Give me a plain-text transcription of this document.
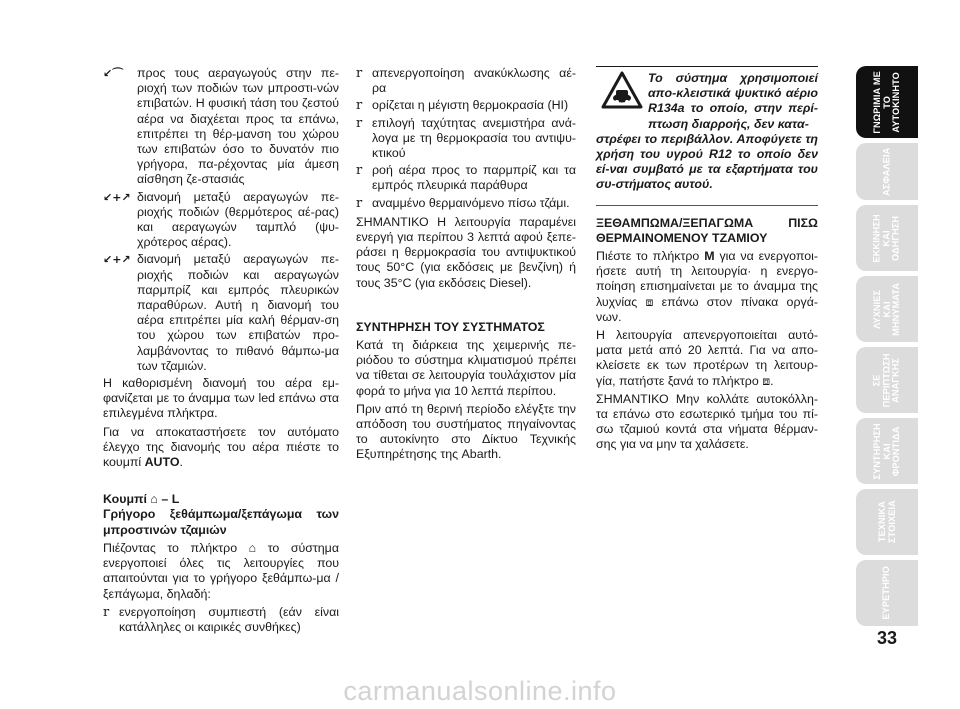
↙⌒	προς τους αεραγωγούς στην πε-ριοχή των ποδιών των μπροστι-νών επιβατών. Η φυσική τάση του ζεστού αέρα να διαχέεται προς τα επάνω, επιτρέπει τη θέρ-μανση του χώρου των επιβατών όσο το δυνατόν πιο γρήγορα, πα-ρέχοντας μία άμεση αίσθηση ζε-στασιάς

↙+↗ διανομή μεταξύ αεραγωγών πε-ριοχής ποδιών (θερμότερος αέ-ρας) και αεραγωγών ταμπλό (ψυ-χρότερος αέρας).

↙+↗ διανομή μεταξύ αεραγωγών πε-ριοχής ποδιών και αεραγωγών παρμπρίζ και εμπρός πλευρικών παραθύρων. Αυτή η διανομή του αέρα επιτρέπει μία καλή θέρμαν-ση του χώρου των επιβατών προ-λαμβάνοντας το πιθανό θάμπω-μα των τζαμιών.

Η καθορισμένη διανομή του αέρα εμ-φανίζεται με το άναμμα των led επάνω στα επιλεγμένα πλήκτρα.

Για να αποκαταστήσετε τον αυτόματο έλεγχο της διανομής του αέρα πιέστε το κουμπί AUTO.

Κουμπί ⌂ – L

Γρήγορο ξεθάμπωμα/ξεπάγωμα των μπροστινών τζαμιών

Πιέζοντας το πλήκτρο ⌂ το σύστημα ενεργοποιεί όλες τις λειτουργίες που απαιτούνται για το γρήγορο ξεθάμπω-μα / ξεπάγωμα, δηλαδή:

r ενεργοποίηση συμπιεστή (εάν είναι κατάλληλες οι καιρικές συνθήκες)

r απενεργοποίηση ανακύκλωσης αέ-ρα

r ορίζεται η μέγιστη θερμοκρασία (HI)

r επιλογή ταχύτητας ανεμιστήρα ανά-λογα με τη θερμοκρασία του αντιψυ-κτικού

r ροή αέρα προς το παρμπρίζ και τα εμπρός πλευρικά παράθυρα

r αναμμένο θερμαινόμενο πίσω τζάμι.

ΣΗΜΑΝΤΙΚΟ Η λειτουργία παραμένει ενεργή για περίπου 3 λεπτά αφού ξεπε-ράσει η θερμοκρασία του αντιψυκτικού τους 50°C (για εκδόσεις με βενζίνη) ή τους 35°C (για εκδόσεις Diesel).

ΣΥΝΤΗΡΗΣΗ ΤΟΥ ΣΥΣΤΗΜΑΤΟΣ

Κατά τη διάρκεια της χειμερινής πε-ριόδου το σύστημα κλιματισμού πρέπει να τίθεται σε λειτουργία τουλάχιστον μία φορά το μήνα για 10 λεπτά περίπου.

Πριν από τη θερινή περίοδο ελέγξτε την απόδοση του συστήματος πηγαίνοντας το αυτοκίνητο στο Δίκτυο Τεχνικής Εξυπηρέτησης της Abarth.

Το σύστημα χρησιμοποιεί απο-κλειστικά ψυκτικό αέριο R134a το οποίο, στην περί-πτωση διαρροής, δεν κατα-

στρέφει το περιβάλλον. Αποφύγετε τη χρήση του υγρού R12 το οποίο δεν εί-ναι συμβατό με τα εξαρτήματα του συ-στήματος αυτού.

ΞΕΘΑΜΠΩΜΑ/ΞΕΠΑΓΩΜΑ ΠΙΣΩ ΘΕΡΜΑΙΝΟΜΕΝΟΥ ΤΖΑΜΙΟΥ

Πιέστε το πλήκτρο M για να ενεργοποι-ήσετε αυτή τη λειτουργία· η ενεργο-ποίηση επισημαίνεται με το άναμμα της λυχνίας ⧈ επάνω στον πίνακα οργά-νων.

Η λειτουργία απενεργοποιείται αυτό-ματα μετά από 20 λεπτά. Για να απο-κλείσετε εκ των προτέρων τη λειτουρ-γία, πατήστε ξανά το πλήκτρο ⧈.

ΣΗΜΑΝΤΙΚΟ Μην κολλάτε αυτοκόλλη-τα επάνω στο εσωτερικό τμήμα του πί-σω τζαμιού κοντά στα νήματα θέρμαν-σης για να μην τα χαλάσετε.

ΓΝΩΡΙΜΙΑ ΜΕ
ΤΟ
ΑΥΤΟΚΙΝΗΤΟ
ΑΣΦΑΛΕΙΑ
ΕΚΚΙΝΗΣΗ
ΚΑΙ
ΟΔΗΓΗΣΗ
ΛΥΧΝΙΕΣ
ΚΑΙ
ΜΗΝΥΜΑΤΑ
ΣΕ
ΠΕΡΙΠΤΩΣΗ
ΑΝΑΓΚΗΣ
ΣΥΝΤΗΡΗΣΗ
ΚΑΙ
ΦΡΟΝΤΙΔΑ
ΤΕΧΝΙΚΑ
ΣΤΟΙΧΕΙΑ
ΕΥΡΕΤΗΡΙΟ
33
carmanualsonline.info
